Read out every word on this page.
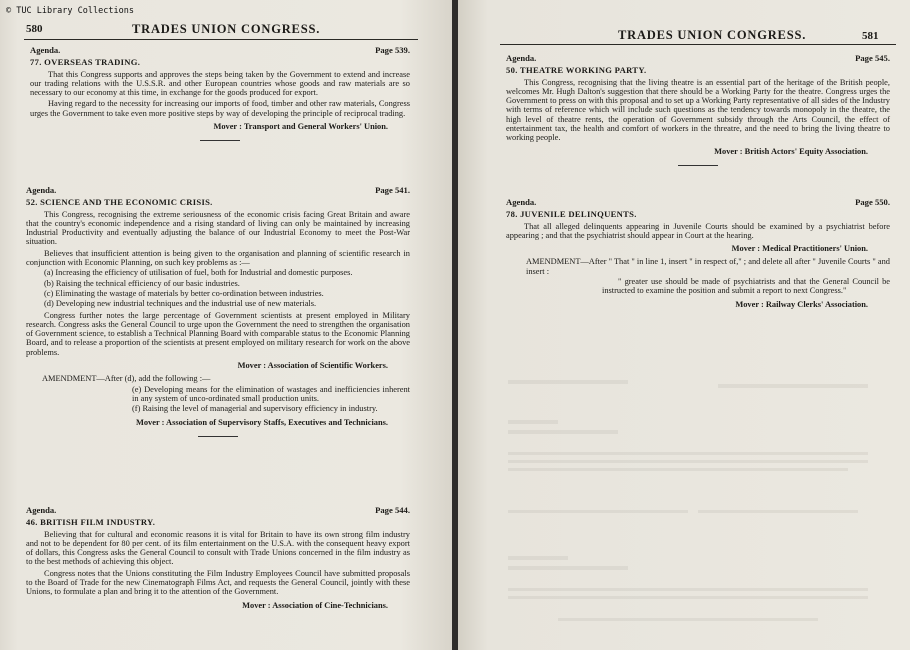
© TUC Library Collections
580	TRADES UNION CONGRESS.
Agenda.	Page 539.
77. OVERSEAS TRADING.
That this Congress supports and approves the steps being taken by the Government to extend and increase our trading relations with the U.S.S.R. and other European countries whose goods and raw materials are so necessary to our economy at this time, in exchange for the goods produced for export.
Having regard to the necessity for increasing our imports of food, timber and other raw materials, Congress urges the Government to take even more positive steps by way of developing the principle of reciprocal trading.
Mover : Transport and General Workers' Union.
Agenda.	Page 541.
52. SCIENCE AND THE ECONOMIC CRISIS.
This Congress, recognising the extreme seriousness of the economic crisis facing Great Britain and aware that the country's economic independence and a rising standard of living can only be maintained by increasing Industrial Productivity and eventually adjusting the balance of our Industrial Economy to meet the Post-War situation.
Believes that insufficient attention is being given to the organisation and planning of scientific research in conjunction with Economic Planning, on such key problems as :—
(a) Increasing the efficiency of utilisation of fuel, both for Industrial and domestic purposes.
(b) Raising the technical efficiency of our basic industries.
(c) Eliminating the wastage of materials by better co-ordination between industries.
(d) Developing new industrial techniques and the industrial use of new materials.
Congress further notes the large percentage of Government scientists at present employed in Military research. Congress asks the General Council to urge upon the Government the need to strengthen the organisation of Government science, to establish a Technical Planning Board with comparable status to the Economic Planning Board, and to release a proportion of the scientists at present employed on military research for work on the above problems.
Mover : Association of Scientific Workers.
AMENDMENT—After (d), add the following :—
(e) Developing means for the elimination of wastages and inefficiencies inherent in any system of unco-ordinated small production units.
(f) Raising the level of managerial and supervisory efficiency in industry.
Mover : Association of Supervisory Staffs, Executives and Technicians.
Agenda.	Page 544.
46. BRITISH FILM INDUSTRY.
Believing that for cultural and economic reasons it is vital for Britain to have its own strong film industry and not to be dependent for 80 per cent. of its film entertainment on the U.S.A. with the consequent heavy export of dollars, this Congress asks the General Council to consult with Trade Unions concerned in the film industry as to the best methods of achieving this object.
Congress notes that the Unions constituting the Film Industry Employees Council have submitted proposals to the Board of Trade for the new Cinematograph Films Act, and requests the General Council, jointly with these Unions, to formulate a plan and bring it to the attention of the Government.
Mover : Association of Cine-Technicians.
TRADES UNION CONGRESS.	581
Agenda.	Page 545.
50. THEATRE WORKING PARTY.
This Congress, recognising that the living theatre is an essential part of the heritage of the British people, welcomes Mr. Hugh Dalton's suggestion that there should be a Working Party for the theatre. Congress urges the Government to press on with this proposal and to set up a Working Party representative of all sides of the Industry with terms of reference which will include such questions as the tendency towards monopoly in the theatre, the high level of theatre rents, the operation of Government subsidy through the Arts Council, the effect of entertainment tax, the health and comfort of workers in the threatre, and the need to bring the living theatre to working people.
Mover : British Actors' Equity Association.
Agenda.	Page 550.
78. JUVENILE DELINQUENTS.
That all alleged delinquents appearing in Juvenile Courts should be examined by a psychiatrist before appearing ; and that the psychiatrist should appear in Court at the hearing.
Mover : Medical Practitioners' Union.
AMENDMENT—After " That " in line 1, insert " in respect of," ; and delete all after " Juvenile Courts " and insert :
" greater use should be made of psychiatrists and that the General Council be instructed to examine the position and submit a report to next Congress."
Mover : Railway Clerks' Association.
